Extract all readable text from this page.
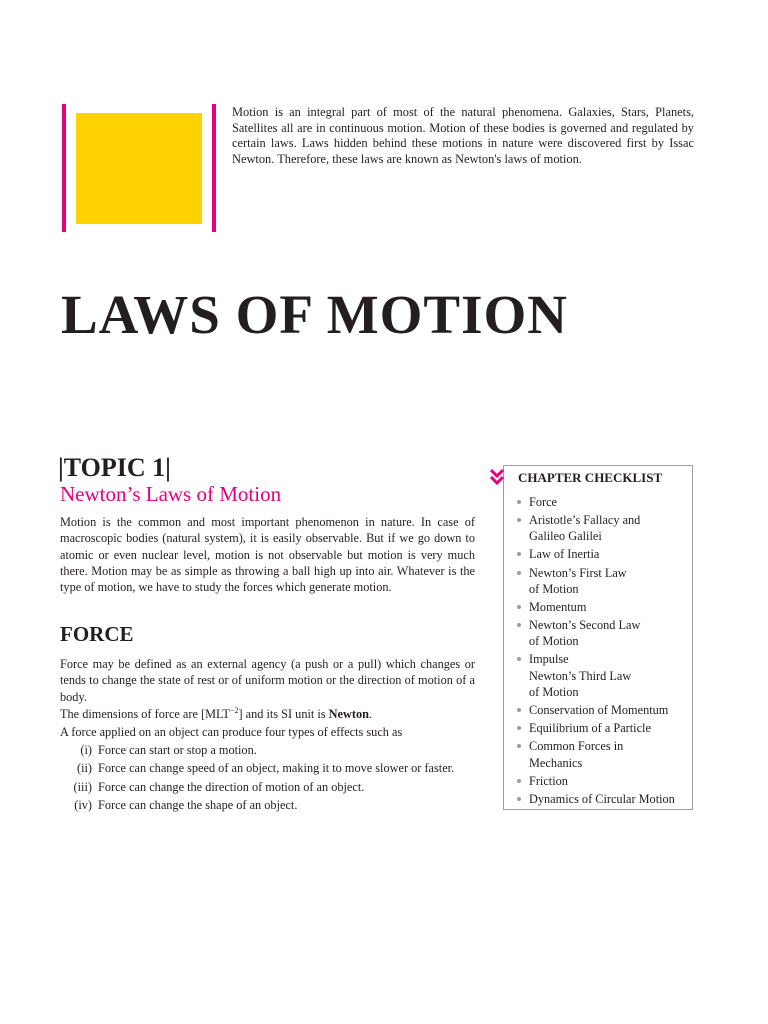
Motion is an integral part of most of the natural phenomena. Galaxies, Stars, Planets, Satellites all are in continuous motion. Motion of these bodies is governed and regulated by certain laws. Laws hidden behind these motions in nature were discovered first by Issac Newton. Therefore, these laws are known as Newton's laws of motion.

LAWS OF MOTION
|TOPIC 1|
Newton’s Laws of Motion

Motion is the common and most important phenomenon in nature. In case of macroscopic bodies (natural system), it is easily observable. But if we go down to atomic or even nuclear level, motion is not observable but motion is very much there. Motion may be as simple as throwing a ball high up into air. Whatever is the type of motion, we have to study the forces which generate motion.

FORCE

Force may be defined as an external agency (a push or a pull) which changes or tends to change the state of rest or of uniform motion or the direction of motion of a body.

The dimensions of force are $[MLT^{-2}]$ and its SI unit is Newton.

A force applied on an object can produce four types of effects such as

(i) Force can start or stop a motion.
(ii) Force can change speed of an object, making it to move slower or faster.
(iii) Force can change the direction of motion of an object.
(iv) Force can change the shape of an object.
CHAPTER CHECKLIST
Force
Aristotle’s Fallacy and
Galileo Galilei
Law of Inertia
Newton’s First Law
of Motion
Momentum
Newton’s Second Law
of Motion
Impulse
Newton’s Third Law
of Motion
Conservation of Momentum
Equilibrium of a Particle
Common Forces in
Mechanics
Friction
Dynamics of Circular Motion
